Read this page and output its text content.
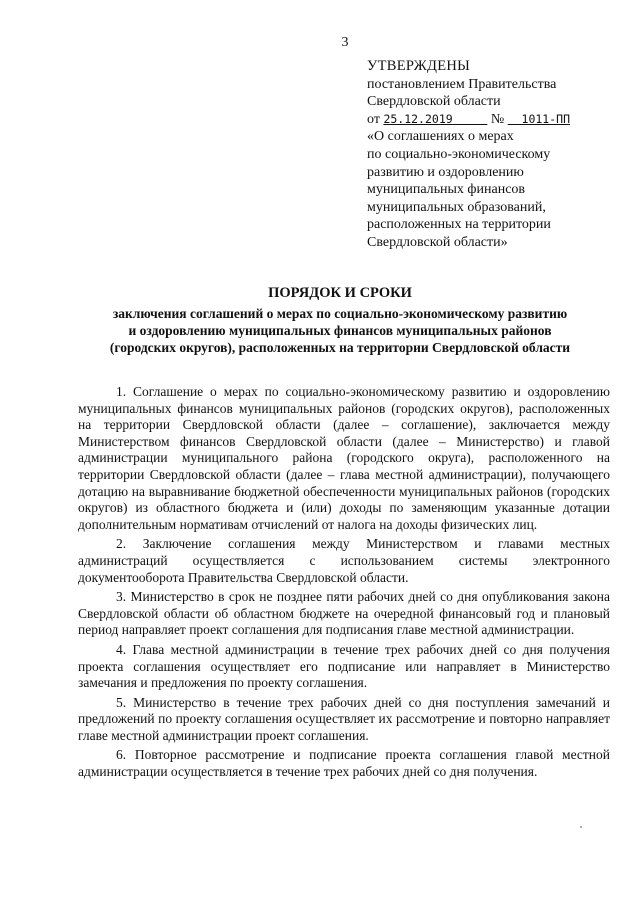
3
УТВЕРЖДЕНЫ
постановлением Правительства
Свердловской области
от 25.12.2019	№ 1011-ПП
«О соглашениях о мерах
по социально-экономическому
развитию и оздоровлению
муниципальных финансов
муниципальных образований,
расположенных на территории
Свердловской области»
ПОРЯДОК И СРОКИ
заключения соглашений о мерах по социально-экономическому развитию
и оздоровлению муниципальных финансов муниципальных районов
(городских округов), расположенных на территории Свердловской области

1. Соглашение о мерах по социально-экономическому развитию и оздоровлению муниципальных финансов муниципальных районов (городских округов), расположенных на территории Свердловской области (далее – соглашение), заключается между Министерством финансов Свердловской области (далее – Министерство) и главой администрации муниципального района (городского округа), расположенного на территории Свердловской области (далее – глава местной администрации), получающего дотацию на выравнивание бюджетной обеспеченности муниципальных районов (городских округов) из областного бюджета и (или) доходы по заменяющим указанные дотации дополнительным нормативам отчислений от налога на доходы физических лиц.

2. Заключение соглашения между Министерством и главами местных администраций осуществляется с использованием системы электронного документооборота Правительства Свердловской области.

3. Министерство в срок не позднее пяти рабочих дней со дня опубликования закона Свердловской области об областном бюджете на очередной финансовый год и плановый период направляет проект соглашения для подписания главе местной администрации.

4. Глава местной администрации в течение трех рабочих дней со дня получения проекта соглашения осуществляет его подписание или направляет в Министерство замечания и предложения по проекту соглашения.

5. Министерство в течение трех рабочих дней со дня поступления замечаний и предложений по проекту соглашения осуществляет их рассмотрение и повторно направляет главе местной администрации проект соглашения.

6. Повторное рассмотрение и подписание проекта соглашения главой местной администрации осуществляется в течение трех рабочих дней со дня получения.
